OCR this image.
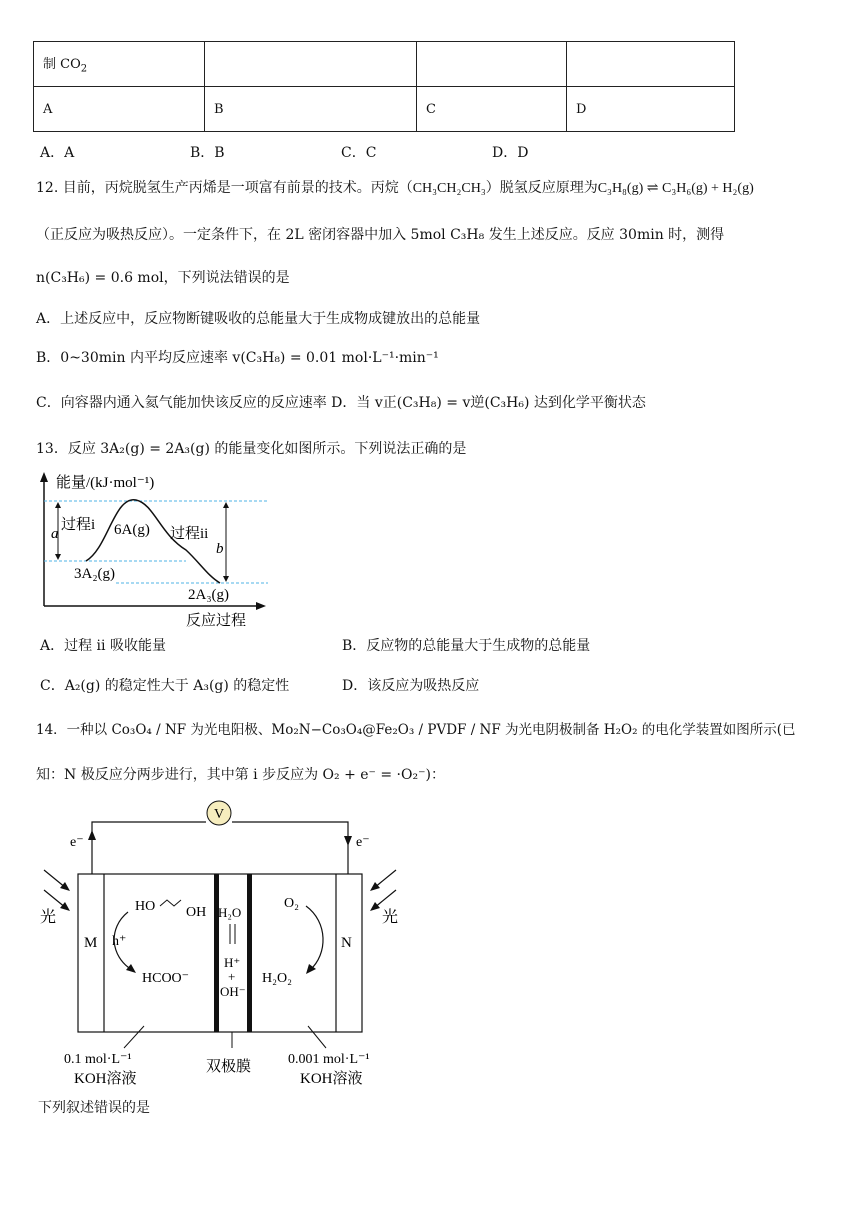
制 $CO_2$			
A	B	C	D
A．A	B．B	C．C	D．D
12. 目前，丙烷脱氢生产丙烯是一项富有前景的技术。丙烷（CH₃CH₂CH₃）脱氢反应原理为C₃H₈(g) ⇌ C₃H₆(g) + H₂(g)
（正反应为吸热反应）。一定条件下，在 2L 密闭容器中加入 5mol C₃H₈ 发生上述反应。反应 30min 时，测得
n(C₃H₆) = 0.6 mol，下列说法错误的是
A．上述反应中，反应物断键吸收的总能量大于生成物成键放出的总能量
B．0~30min 内平均反应速率 v(C₃H₈) = 0.01 mol·L⁻¹·min⁻¹
C．向容器内通入氦气能加快该反应的反应速率 D．当 v正(C₃H₈) = v逆(C₃H₆) 达到化学平衡状态
13．反应 3A₂(g) = 2A₃(g) 的能量变化如图所示。下列说法正确的是
能量/(kJ·mol⁻¹)
反应过程
a
b
过程i 6A(g) 过程ii
3A₂(g)
2A₃(g)
A．过程 ii 吸收能量	B．反应物的总能量大于生成物的总能量
C．A₂(g) 的稳定性大于 A₃(g) 的稳定性	D．该反应为吸热反应
14．一种以 Co₃O₄ / NF 为光电阳极、Mo₂N−Co₃O₄@Fe₂O₃ / PVDF / NF 为光电阴极制备 H₂O₂ 的电化学装置如图所示(已
知：N 极反应分两步进行，其中第 i 步反应为 O₂ + e⁻ = ·O₂⁻)：
V
e⁻	e⁻
光	光
M	N
h⁺
HO OH
HCOO⁻
H₂O
H⁺
+
OH⁻
O₂
H₂O₂
0.1 mol·L⁻¹
KOH溶液
双极膜	0.001 mol·L⁻¹
KOH溶液
下列叙述错误的是
